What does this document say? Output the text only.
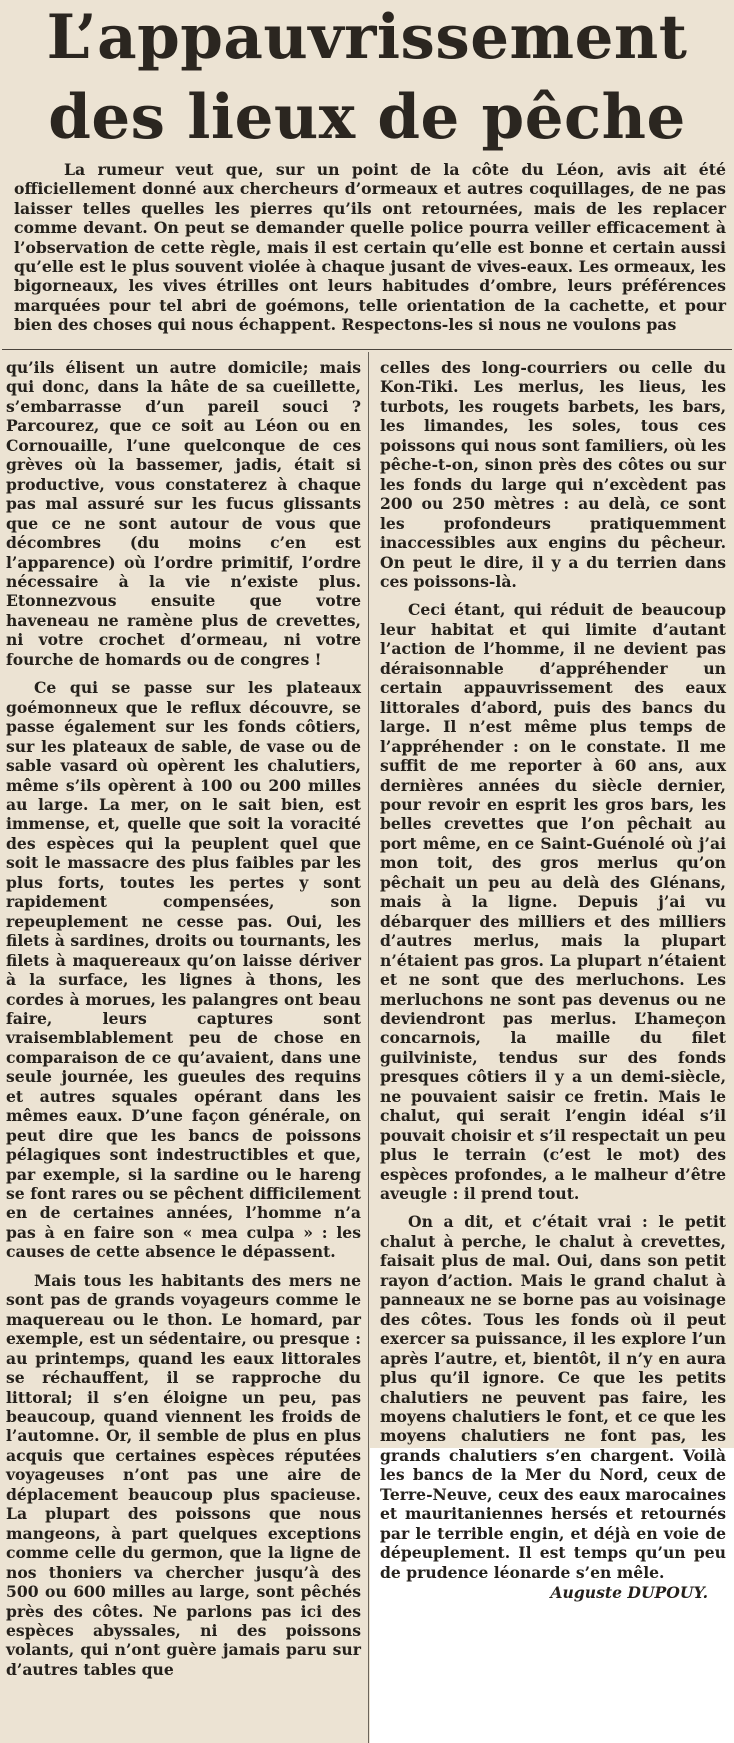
L’appauvrissement
des lieux de pêche

La rumeur veut que, sur un point de la côte du Léon, avis ait été officiellement donné aux chercheurs d’ormeaux et autres coquillages, de ne pas laisser telles quelles les pierres qu’ils ont retournées, mais de les replacer comme devant. On peut se demander quelle police pourra veiller efficacement à l’observation de cette règle, mais il est certain qu’elle est bonne et certain aussi qu’elle est le plus souvent violée à chaque jusant de vives-eaux. Les ormeaux, les bigorneaux, les vives étrilles ont leurs habitudes d’ombre, leurs préférences marquées pour tel abri de goémons, telle orientation de la cachette, et pour bien des choses qui nous échappent. Respectons-les si nous ne voulons pas

qu’ils élisent un autre domicile; mais qui donc, dans la hâte de sa cueillette, s’embarrasse d’un pareil souci ? Parcourez, que ce soit au Léon ou en Cornouaille, l’une quelconque de ces grèves où la bassemer, jadis, était si productive, vous constaterez à chaque pas mal assuré sur les fucus glissants que ce ne sont autour de vous que décombres (du moins c’en est l’apparence) où l’ordre primitif, l’ordre nécessaire à la vie n’existe plus. Etonnezvous ensuite que votre haveneau ne ramène plus de crevettes, ni votre crochet d’ormeau, ni votre fourche de homards ou de congres !

Ce qui se passe sur les plateaux goémonneux que le reflux découvre, se passe également sur les fonds côtiers, sur les plateaux de sable, de vase ou de sable vasard où opèrent les chalutiers, même s’ils opèrent à 100 ou 200 milles au large. La mer, on le sait bien, est immense, et, quelle que soit la voracité des espèces qui la peuplent quel que soit le massacre des plus faibles par les plus forts, toutes les pertes y sont rapidement compensées, son repeuplement ne cesse pas. Oui, les filets à sardines, droits ou tournants, les filets à maquereaux qu’on laisse dériver à la surface, les lignes à thons, les cordes à morues, les palangres ont beau faire, leurs captures sont vraisemblablement peu de chose en comparaison de ce qu’avaient, dans une seule journée, les gueules des requins et autres squales opérant dans les mêmes eaux. D’une façon générale, on peut dire que les bancs de poissons pélagiques sont indestructibles et que, par exemple, si la sardine ou le hareng se font rares ou se pêchent difficilement en de certaines années, l’homme n’a pas à en faire son « mea culpa » : les causes de cette absence le dépassent.

Mais tous les habitants des mers ne sont pas de grands voyageurs comme le maquereau ou le thon. Le homard, par exemple, est un sédentaire, ou presque : au printemps, quand les eaux littorales se réchauffent, il se rapproche du littoral; il s’en éloigne un peu, pas beaucoup, quand viennent les froids de l’automne. Or, il semble de plus en plus acquis que certaines espèces réputées voyageuses n’ont pas une aire de déplacement beaucoup plus spacieuse. La plupart des poissons que nous mangeons, à part quelques exceptions comme celle du germon, que la ligne de nos thoniers va chercher jusqu’à des 500 ou 600 milles au large, sont pêchés près des côtes. Ne parlons pas ici des espèces abyssales, ni des poissons volants, qui n’ont guère jamais paru sur d’autres tables que

celles des long-courriers ou celle du Kon-Tiki. Les merlus, les lieus, les turbots, les rougets barbets, les bars, les limandes, les soles, tous ces poissons qui nous sont familiers, où les pêche-t-on, sinon près des côtes ou sur les fonds du large qui n’excèdent pas 200 ou 250 mètres : au delà, ce sont les profondeurs pratiquemment inaccessibles aux engins du pêcheur. On peut le dire, il y a du terrien dans ces poissons-là.

Ceci étant, qui réduit de beaucoup leur habitat et qui limite d’autant l’action de l’homme, il ne devient pas déraisonnable d’appréhender un certain appauvrissement des eaux littorales d’abord, puis des bancs du large. Il n’est même plus temps de l’appréhender : on le constate. Il me suffit de me reporter à 60 ans, aux dernières années du siècle dernier, pour revoir en esprit les gros bars, les belles crevettes que l’on pêchait au port même, en ce Saint-Guénolé où j’ai mon toit, des gros merlus qu’on pêchait un peu au delà des Glénans, mais à la ligne. Depuis j’ai vu débarquer des milliers et des milliers d’autres merlus, mais la plupart n’étaient pas gros. La plupart n’étaient et ne sont que des merluchons. Les merluchons ne sont pas devenus ou ne deviendront pas merlus. L’hameçon concarnois, la maille du filet guilviniste, tendus sur des fonds presques côtiers il y a un demi-siècle, ne pouvaient saisir ce fretin. Mais le chalut, qui serait l’engin idéal s’il pouvait choisir et s’il respectait un peu plus le terrain (c’est le mot) des espèces profondes, a le malheur d’être aveugle : il prend tout.

On a dit, et c’était vrai : le petit chalut à perche, le chalut à crevettes, faisait plus de mal. Oui, dans son petit rayon d’action. Mais le grand chalut à panneaux ne se borne pas au voisinage des côtes. Tous les fonds où il peut exercer sa puissance, il les explore l’un après l’autre, et, bientôt, il n’y en aura plus qu’il ignore. Ce que les petits chalutiers ne peuvent pas faire, les moyens chalutiers le font, et ce que les moyens chalutiers ne font pas, les grands chalutiers s’en chargent. Voilà les bancs de la Mer du Nord, ceux de Terre-Neuve, ceux des eaux marocaines et mauritaniennes hersés et retournés par le terrible engin, et déjà en voie de dépeuplement. Il est temps qu’un peu de prudence léonarde s’en mêle.

Auguste DUPOUY.
